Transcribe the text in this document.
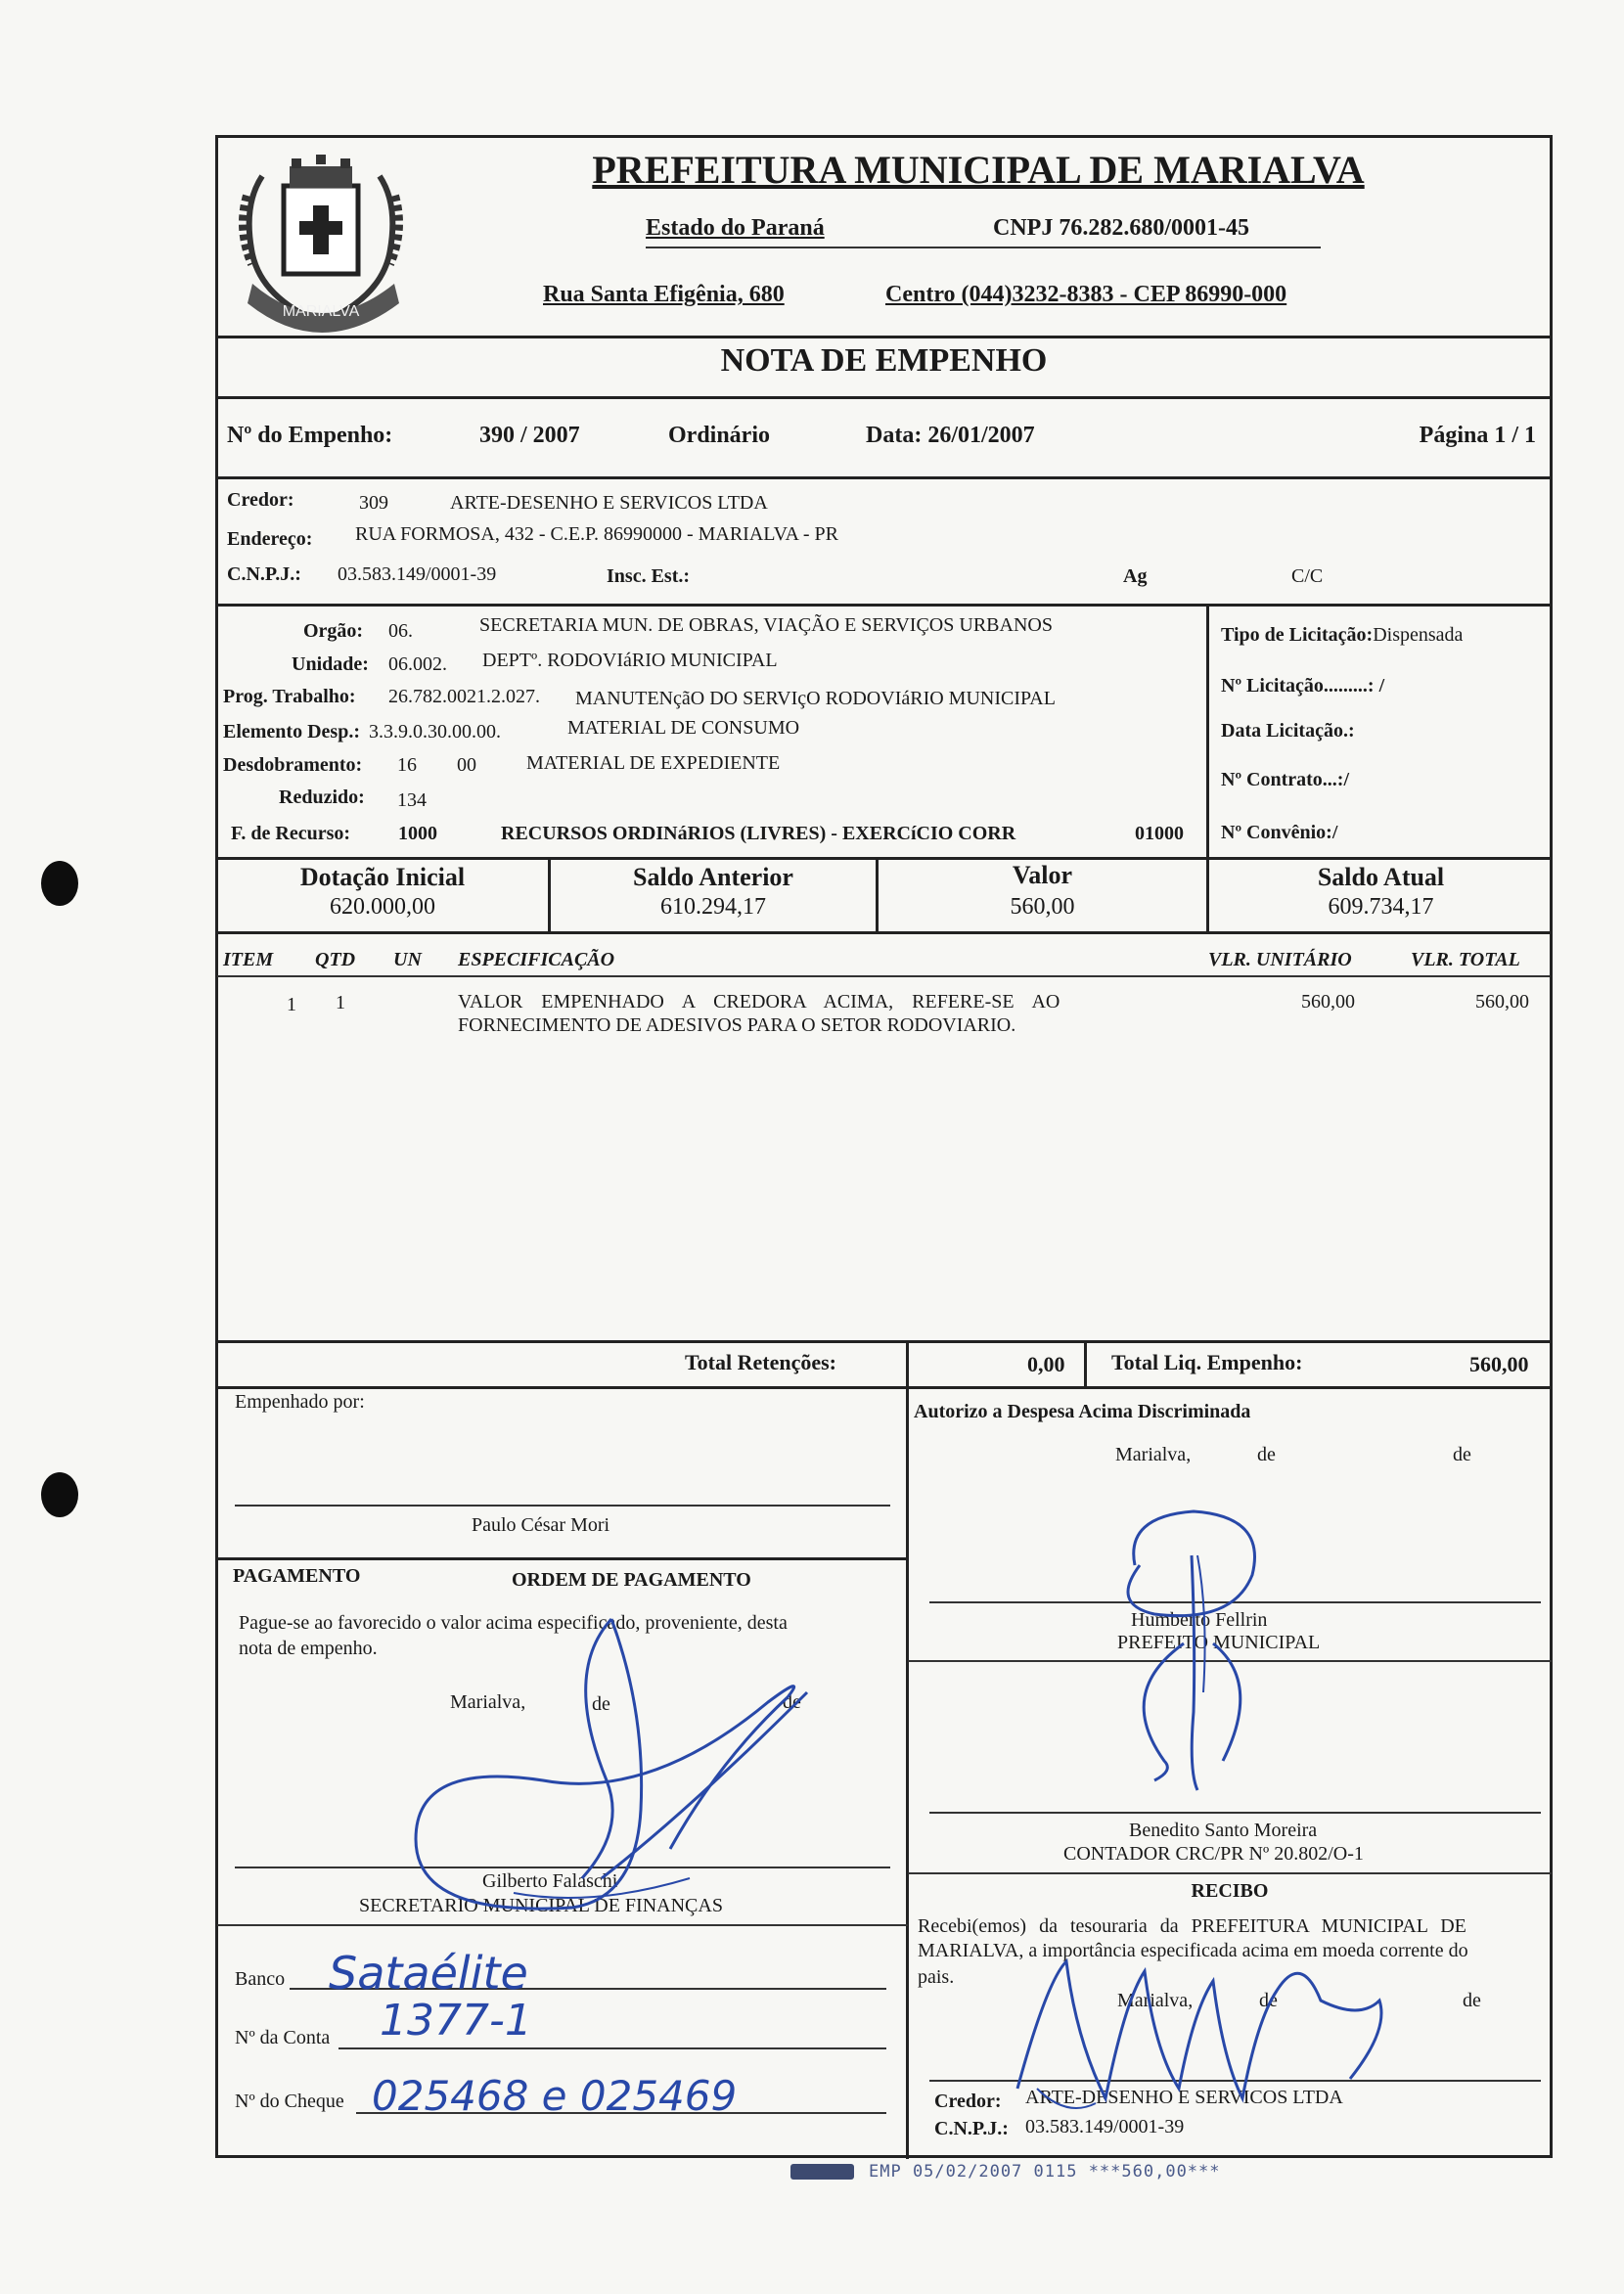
MARIALVA
PREFEITURA MUNICIPAL DE MARIALVA
Estado do Paraná	CNPJ 76.282.680/0001-45
Rua Santa Efigênia, 680	Centro (044)3232-8383 - CEP 86990-000
NOTA DE EMPENHO
Nº do Empenho:	390 / 2007	Ordinário	Data: 26/01/2007	Página 1 / 1
Credor:	309	ARTE-DESENHO E SERVICOS LTDA
Endereço: RUA FORMOSA, 432 - C.E.P. 86990000 - MARIALVA - PR
C.N.P.J.: 03.583.149/0001-39	Insc. Est.:	Ag	C/C
Orgão: 06.	SECRETARIA MUN. DE OBRAS, VIAÇÃO E SERVIÇOS URBANOS
Unidade: 06.002. DEPTº. RODOVIáRIO MUNICIPAL
Prog. Trabalho: 26.782.0021.2.027. MANUTENçãO DO SERVIçO RODOVIáRIO MUNICIPAL
Elemento Desp.: 3.3.9.0.30.00.00.	MATERIAL DE CONSUMO
Desdobramento: 16 00	MATERIAL DE EXPEDIENTE
Reduzido: 134
F. de Recurso: 1000	RECURSOS ORDINáRIOS (LIVRES) - EXERCíCIO CORR	01000
Tipo de Licitação:Dispensada
Nº Licitação.........: /
Data Licitação.:
Nº Contrato...:/
Nº Convênio:/
Dotação Inicial
620.000,00
Saldo Anterior
610.294,17
Valor
560,00
Saldo Atual
609.734,17
ITEM QTD UN ESPECIFICAÇÃO	VLR. UNITÁRIO	VLR. TOTAL
1 1	VALOR EMPENHADO A CREDORA ACIMA, REFERE-SE AO
FORNECIMENTO DE ADESIVOS PARA O SETOR RODOVIARIO.
560,00	560,00
Total Retenções:	0,00 Total Liq. Empenho:	560,00
Empenhado por:
Paulo César Mori
PAGAMENTO	ORDEM DE PAGAMENTO
Pague-se ao favorecido o valor acima especificado, proveniente, desta
nota de empenho.
Marialva,	de	de
Gilberto Falaschi
SECRETARIO MUNICIPAL DE FINANÇAS
Banco Sataélite
Nº da Conta 1377-1
Nº do Cheque 025468 e 025469
Autorizo a Despesa Acima Discriminada
Marialva,	de	de
Humberto Fellrin
PREFEITO MUNICIPAL
Benedito Santo Moreira
CONTADOR CRC/PR Nº 20.802/O-1
RECIBO
Recebi(emos) da tesouraria da PREFEITURA MUNICIPAL DE
MARIALVA, a importância especificada acima em moeda corrente do
pais.
Marialva,	de	de
Credor: ARTE-DESENHO E SERVICOS LTDA
C.N.P.J.: 03.583.149/0001-39
EMP 05/02/2007 0115 ***560,00***
